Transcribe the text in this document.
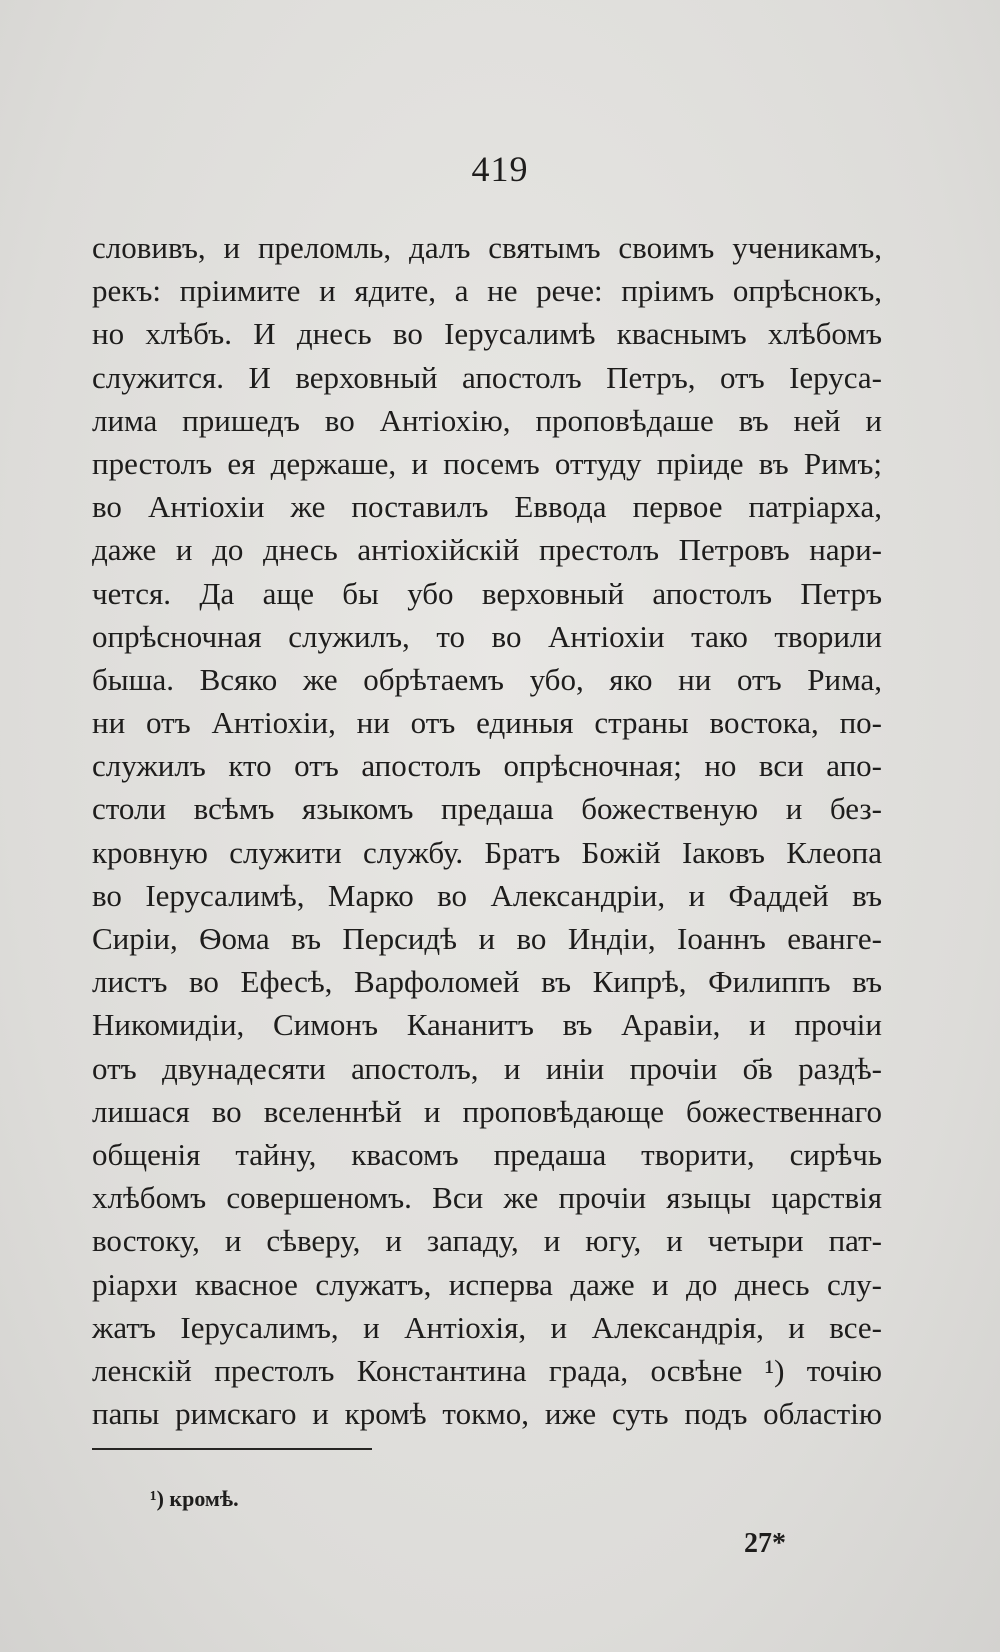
419
словивъ, и преломль, далъ святымъ своимъ ученикамъ,
рекъ: прiимите и ядите, а не рече: прiимъ опрѣснокъ,
но хлѣбъ. И днесь во Iерусалимѣ кваснымъ хлѣбомъ
служится. И верховный апостолъ Петръ, отъ Iеруса-
лима пришедъ во Антiохiю, проповѣдаше въ ней и
престолъ ея держаше, и посемъ оттуду прiиде въ Римъ;
во Антiохiи же поставилъ Еввода первое патрiарха,
даже и до днесь антiохiйскiй престолъ Петровъ нари-
чется. Да аще бы убо верховный апостолъ Петръ
опрѣсночная служилъ, то во Антiохiи тако творили
быша. Всяко же обрѣтаемъ убо, яко ни отъ Рима,
ни отъ Антiохiи, ни отъ единыя страны востока, по-
служилъ кто отъ апостолъ опрѣсночная; но вси апо-
столи всѣмъ языкомъ предаша божественую и без-
кровную служити службу. Братъ Божiй Iаковъ Клеопа
во Iерусалимѣ, Марко во Александрiи, и Фаддей въ
Сирiи, Ѳома въ Персидѣ и во Индiи, Iоаннъ еванге-
листъ во Ефесѣ, Варфоломей въ Кипрѣ, Филиппъ въ
Никомидiи, Симонъ Кананитъ въ Аравiи, и прочiи
отъ двунадесяти апостолъ, и инiи прочiи о҃в раздѣ-
лишася во вселеннѣй и проповѣдающе божественнаго
общенiя тайну, квасомъ предаша творити, сирѣчь
хлѣбомъ совершеномъ. Вси же прочiи языцы царствiя
востоку, и сѣверу, и западу, и югу, и четыри пат-
рiархи квасное служатъ, исперва даже и до днесь слу-
жатъ Iерусалимъ, и Антiохiя, и Александрiя, и все-
ленскiй престолъ Константина града, освѣне ¹) точiю
папы римскаго и кромѣ токмо, иже суть подъ областiю
¹) кромѣ.
27*
